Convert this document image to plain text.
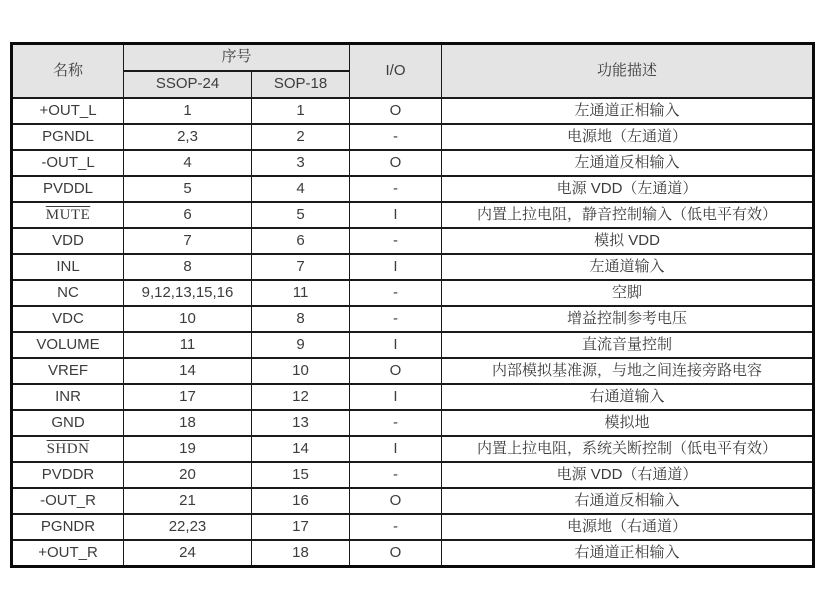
名称	序号		I/O	功能描述
	SSOP-24	SOP-18		
+OUT_L	1	1	O	左通道正相输入
PGNDL	2,3	2	-	电源地（左通道）
-OUT_L	4	3	O	左通道反相输入
PVDDL	5	4	-	电源 VDD（左通道）
MUTE	6	5	I	内置上拉电阻，静音控制输入（低电平有效）
VDD	7	6	-	模拟 VDD
INL	8	7	I	左通道输入
NC	9,12,13,15,16	11	-	空脚
VDC	10	8	-	增益控制参考电压
VOLUME	11	9	I	直流音量控制
VREF	14	10	O	内部模拟基准源，与地之间连接旁路电容
INR	17	12	I	右通道输入
GND	18	13	-	模拟地
SHDN	19	14	I	内置上拉电阻，系统关断控制（低电平有效）
PVDDR	20	15	-	电源 VDD（右通道）
-OUT_R	21	16	O	右通道反相输入
PGNDR	22,23	17	-	电源地（右通道）
+OUT_R	24	18	O	右通道正相输入
